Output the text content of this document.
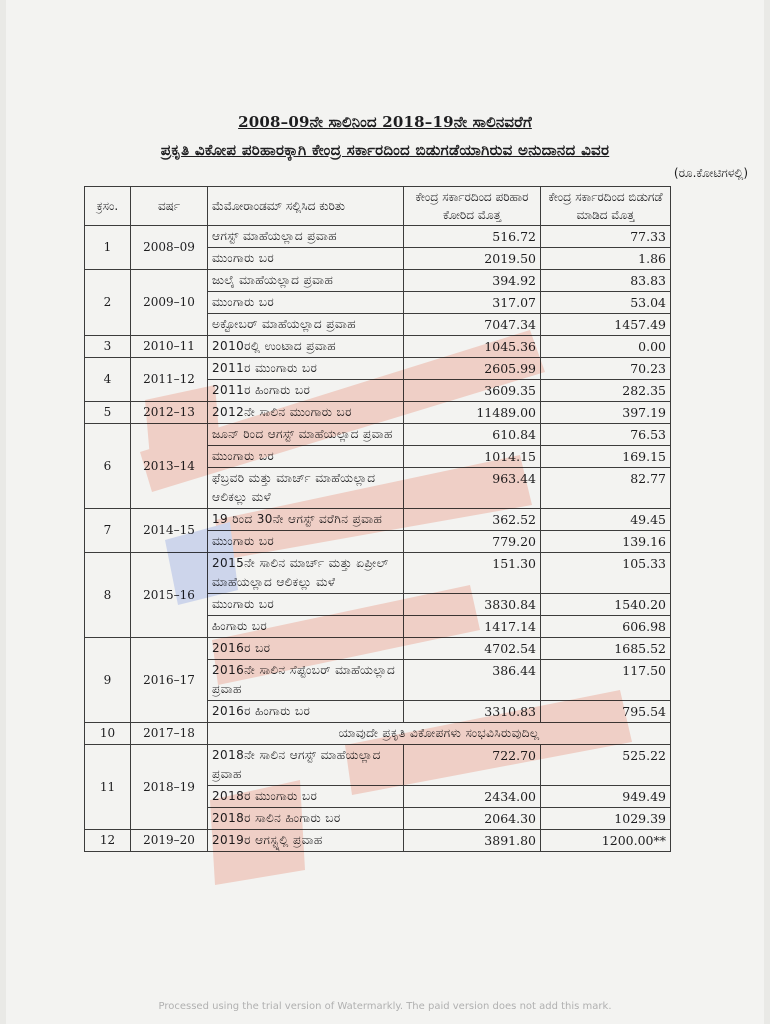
2008–09ನೇ ಸಾಲಿನಿಂದ 2018–19ನೇ ಸಾಲಿನವರೆಗೆ
ಪ್ರಕೃತಿ ವಿಕೋಪ ಪರಿಹಾರಕ್ಕಾಗಿ ಕೇಂದ್ರ ಸರ್ಕಾರದಿಂದ ಬಿಡುಗಡೆಯಾಗಿರುವ ಅನುದಾನದ ವಿವರ
(ರೂ.ಕೋಟಿಗಳಲ್ಲಿ)
ಕ್ರಸಂ.	ವರ್ಷ	ಮೆಮೋರಾಂಡಮ್ ಸಲ್ಲಿಸಿದ ಕುರಿತು	ಕೇಂದ್ರ ಸರ್ಕಾರದಿಂದ ಪರಿಹಾರ ಕೋರಿದ ಮೊತ್ತ	ಕೇಂದ್ರ ಸರ್ಕಾರದಿಂದ ಬಿಡುಗಡೆ ಮಾಡಿದ ಮೊತ್ತ
1	2008–09	ಆಗಸ್ಟ್ ಮಾಹೆಯಲ್ಲಾದ ಪ್ರವಾಹ	516.72	77.33
		ಮುಂಗಾರು ಬರ	2019.50	1.86
2	2009–10	ಜುಲೈ ಮಾಹೆಯಲ್ಲಾದ ಪ್ರವಾಹ	394.92	83.83
		ಮುಂಗಾರು ಬರ	317.07	53.04
		ಅಕ್ಟೋಬರ್ ಮಾಹೆಯಲ್ಲಾದ ಪ್ರವಾಹ	7047.34	1457.49
3	2010–11	2010ರಲ್ಲಿ ಉಂಟಾದ ಪ್ರವಾಹ	1045.36	0.00
4	2011–12	2011ರ ಮುಂಗಾರು ಬರ	2605.99	70.23
		2011ರ ಹಿಂಗಾರು ಬರ	3609.35	282.35
5	2012–13	2012ನೇ ಸಾಲಿನ ಮುಂಗಾರು ಬರ	11489.00	397.19
6	2013–14	ಜೂನ್ ರಿಂದ ಆಗಸ್ಟ್ ಮಾಹೆಯಲ್ಲಾದ ಪ್ರವಾಹ	610.84	76.53
		ಮುಂಗಾರು ಬರ	1014.15	169.15
		ಫೆಬ್ರವರಿ ಮತ್ತು ಮಾರ್ಚ್ ಮಾಹೆಯಲ್ಲಾದ ಆಲಿಕಲ್ಲು ಮಳೆ	963.44	82.77
7	2014–15	19 ರಿಂದ 30ನೇ ಆಗಸ್ಟ್ ವರೆಗಿನ ಪ್ರವಾಹ	362.52	49.45
		ಮುಂಗಾರು ಬರ	779.20	139.16
8	2015–16	2015ನೇ ಸಾಲಿನ ಮಾರ್ಚ್ ಮತ್ತು ಏಪ್ರೀಲ್ ಮಾಹೆಯಲ್ಲಾದ ಆಲಿಕಲ್ಲು ಮಳೆ	151.30	105.33
		ಮುಂಗಾರು ಬರ	3830.84	1540.20
		ಹಿಂಗಾರು ಬರ	1417.14	606.98
9	2016–17	2016ರ ಬರ	4702.54	1685.52
		2016ನೇ ಸಾಲಿನ ಸೆಪ್ಟೆಂಬರ್ ಮಾಹೆಯಲ್ಲಾದ ಪ್ರವಾಹ	386.44	117.50
		2016ರ ಹಿಂಗಾರು ಬರ	3310.83	795.54
10	2017–18	ಯಾವುದೇ ಪ್ರಕೃತಿ ವಿಕೋಪಗಳು ಸಂಭವಿಸಿರುವುದಿಲ್ಲ		
11	2018–19	2018ನೇ ಸಾಲಿನ ಆಗಸ್ಟ್ ಮಾಹೆಯಲ್ಲಾದ ಪ್ರವಾಹ	722.70	525.22
		2018ರ ಮುಂಗಾರು ಬರ	2434.00	949.49
		2018ರ ಸಾಲಿನ ಹಿಂಗಾರು ಬರ	2064.30	1029.39
12	2019–20	2019ರ ಆಗಸ್ಟ್ನಲ್ಲಿ ಪ್ರವಾಹ	3891.80	1200.00**
Processed using the trial version of Watermarkly. The paid version does not add this mark.
